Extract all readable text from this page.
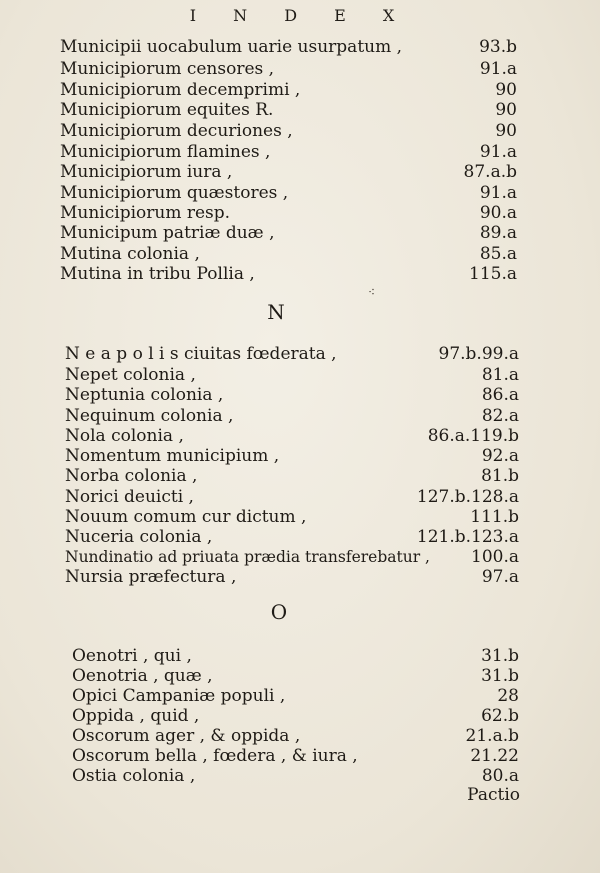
I N D E X
Municipii uocabulum uarie usurpatum ,	93.b
Municipiorum censores ,	91.a
Municipiorum decemprimi ,	90
Municipiorum equites R.	90
Municipiorum decuriones ,	90
Municipiorum flamines ,	91.a
Municipiorum iura ,	87.a.b
Municipiorum quæstores ,	91.a
Municipiorum resp.	90.a
Municipum patriæ duæ ,	89.a
Mutina colonia ,	85.a
Mutina in tribu Pollia ,	115.a
⁖
N
N e a p o l i s ciuitas fœderata ,	97.b.99.a
Nepet colonia ,	81.a
Neptunia colonia ,	86.a
Nequinum colonia ,	82.a
Nola colonia ,	86.a.119.b
Nomentum municipium ,	92.a
Norba colonia ,	81.b
Norici deuicti ,	127.b.128.a
Nouum comum cur dictum ,	111.b
Nuceria colonia ,	121.b.123.a
Nundinatio ad priuata prædia transferebatur , 100.a
Nursia præfectura ,	97.a
O
Oenotri , qui ,	31.b
Oenotria , quæ ,	31.b
Opici Campaniæ populi ,	28
Oppida , quid ,	62.b
Oscorum ager , & oppida ,	21.a.b
Oscorum bella , fœdera , & iura ,	21.22
Ostia colonia ,	80.a
Pactio
